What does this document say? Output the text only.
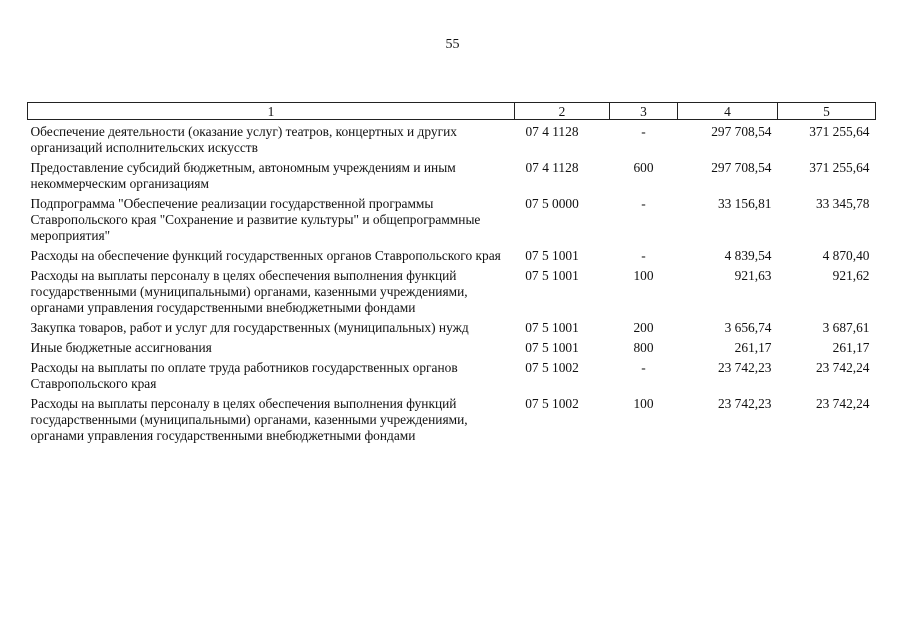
55
1	2	3	4	5
Обеспечение деятельности (оказание услуг) театров, концертных и других организаций исполнительских искусств	07 4 1128	-	297 708,54	371 255,64
Предоставление субсидий бюджетным, автономным учреждениям и иным некоммерческим организациям	07 4 1128	600	297 708,54	371 255,64
Подпрограмма "Обеспечение реализации государственной программы Ставропольского края "Сохранение и развитие культуры" и общепрограммные мероприятия"	07 5 0000	-	33 156,81	33 345,78
Расходы на обеспечение функций государственных органов Ставропольского края	07 5 1001	-	4 839,54	4 870,40
Расходы на выплаты персоналу в целях обеспечения выполнения функций государственными (муниципальными) органами, казенными учреждениями, органами управления государственными внебюджетными фондами	07 5 1001	100	921,63	921,62
Закупка товаров, работ и услуг для государственных (муниципальных) нужд	07 5 1001	200	3 656,74	3 687,61
Иные бюджетные ассигнования	07 5 1001	800	261,17	261,17
Расходы на выплаты по оплате труда работников государственных органов Ставропольского края	07 5 1002	-	23 742,23	23 742,24
Расходы на выплаты персоналу в целях обеспечения выполнения функций государственными (муниципальными) органами, казенными учреждениями, органами управления государственными внебюджетными фондами	07 5 1002	100	23 742,23	23 742,24
